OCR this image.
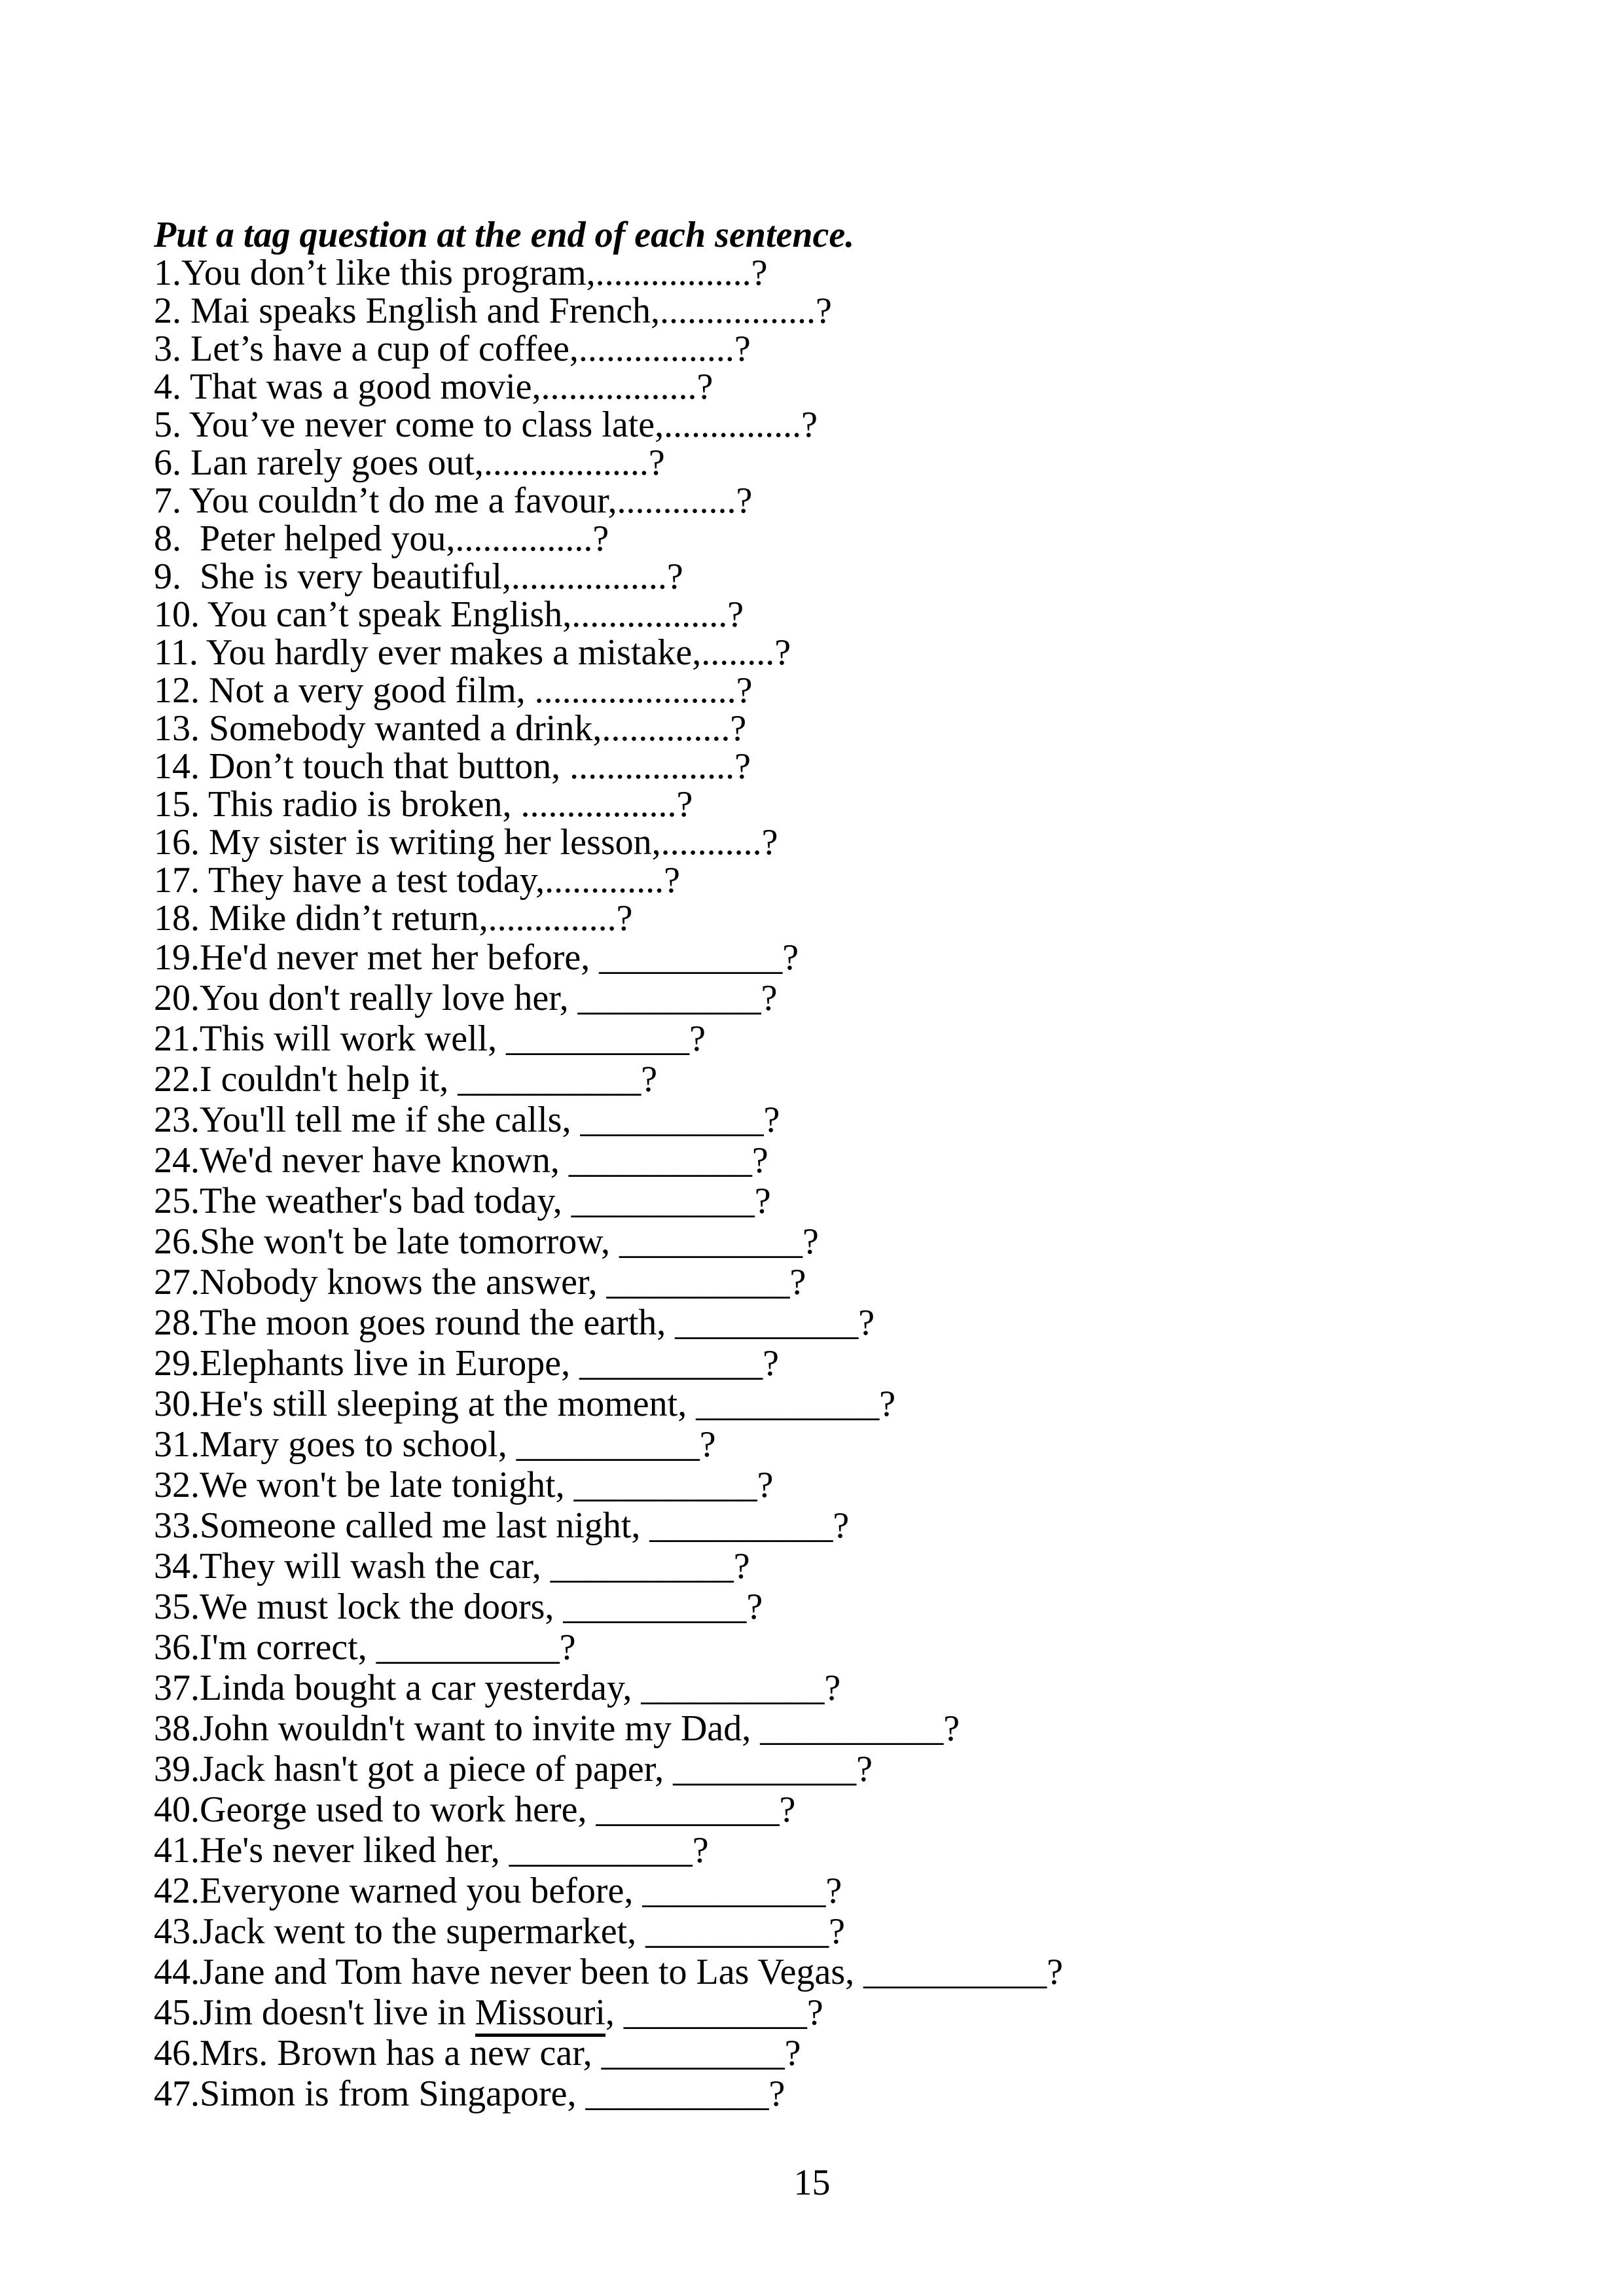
Put a tag question at the end of each sentence.
1.You don’t like this program,.................?
2. Mai speaks English and French,.................?
3. Let’s have a cup of coffee,.................?
4. That was a good movie,.................?
5. You’ve never come to class late,...............?
6. Lan rarely goes out,..................?
7. You couldn’t do me a favour,.............?
8.  Peter helped you,...............?
9.  She is very beautiful,.................?
10. You can’t speak English,.................?
11. You hardly ever makes a mistake,........?
12. Not a very good film, ......................?
13. Somebody wanted a drink,..............?
14. Don’t touch that button, ..................?
15. This radio is broken, .................?
16. My sister is writing her lesson,...........?
17. They have a test today,.............?
18. Mike didn’t return,..............?
19.He'd never met her before, __________?
20.You don't really love her, __________?
21.This will work well, __________?
22.I couldn't help it, __________?
23.You'll tell me if she calls, __________?
24.We'd never have known, __________?
25.The weather's bad today, __________?
26.She won't be late tomorrow, __________?
27.Nobody knows the answer, __________?
28.The moon goes round the earth, __________?
29.Elephants live in Europe, __________?
30.He's still sleeping at the moment, __________?
31.Mary goes to school, __________?
32.We won't be late tonight, __________?
33.Someone called me last night, __________?
34.They will wash the car, __________?
35.We must lock the doors, __________?
36.I'm correct, __________?
37.Linda bought a car yesterday, __________?
38.John wouldn't want to invite my Dad, __________?
39.Jack hasn't got a piece of paper, __________?
40.George used to work here, __________?
41.He's never liked her, __________?
42.Everyone warned you before, __________?
43.Jack went to the supermarket, __________?
44.Jane and Tom have never been to Las Vegas, __________?
45.Jim doesn't live in Missouri, __________?
46.Mrs. Brown has a new car, __________?
47.Simon is from Singapore, __________?
15
